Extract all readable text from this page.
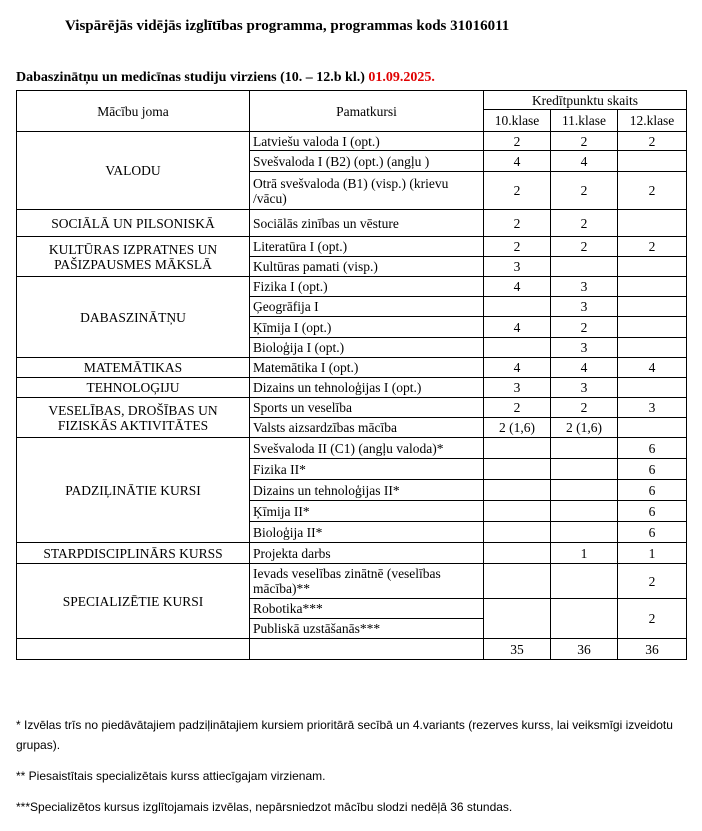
Vispārējās vidējās izglītības programma, programmas kods 31016011
Dabaszinātņu un medicīnas studiju virziens (10. – 12.b kl.) 01.09.2025.
Mācību joma	Pamatkursi	Kredītpunktu skaits		
		10.klase	11.klase	12.klase
VALODU	Latviešu valoda I (opt.)	2	2	2
	Svešvaloda I (B2) (opt.) (angļu )	4	4	
	Otrā svešvaloda (B1) (visp.) (krievu /vācu)	2	2	2
SOCIĀLĀ UN PILSONISKĀ	Sociālās zinības un vēsture	2	2	
KULTŪRAS IZPRATNES UN PAŠIZPAUSMES MĀKSLĀ	Literatūra I (opt.)	2	2	2
	Kultūras pamati (visp.)	3		
DABASZINĀTŅU	Fizika I (opt.)	4	3	
	Ģeogrāfija I		3	
	Ķīmija I (opt.)	4	2	
	Bioloģija I (opt.)		3	
MATEMĀTIKAS	Matemātika I (opt.)	4	4	4
TEHNOLOĢIJU	Dizains un tehnoloģijas I (opt.)	3	3	
VESELĪBAS, DROŠĪBAS UN FIZISKĀS AKTIVITĀTES	Sports un veselība	2	2	3
	Valsts aizsardzības mācība	2 (1,6)	2 (1,6)	
PADZIĻINĀTIE KURSI	Svešvaloda II (C1) (angļu valoda)*			6
	Fizika II*			6
	Dizains un tehnoloģijas II*			6
	Ķīmija II*			6
	Bioloģija II*			6
STARPDISCIPLINĀRS KURSS	Projekta darbs		1	1
SPECIALIZĒTIE KURSI	Ievads veselības zinātnē (veselības mācība)**			2
	Robotika***			2
	Publiskā uzstāšanās***			
		35	36	36

* Izvēlas trīs no piedāvātajiem padziļinātajiem kursiem prioritārā secībā un 4.variants (rezerves kurss, lai veiksmīgi izveidotu grupas).

** Piesaistītais specializētais kurss attiecīgajam virzienam.

***Specializētos kursus izglītojamais izvēlas, nepārsniedzot mācību slodzi nedēļā 36 stundas.
